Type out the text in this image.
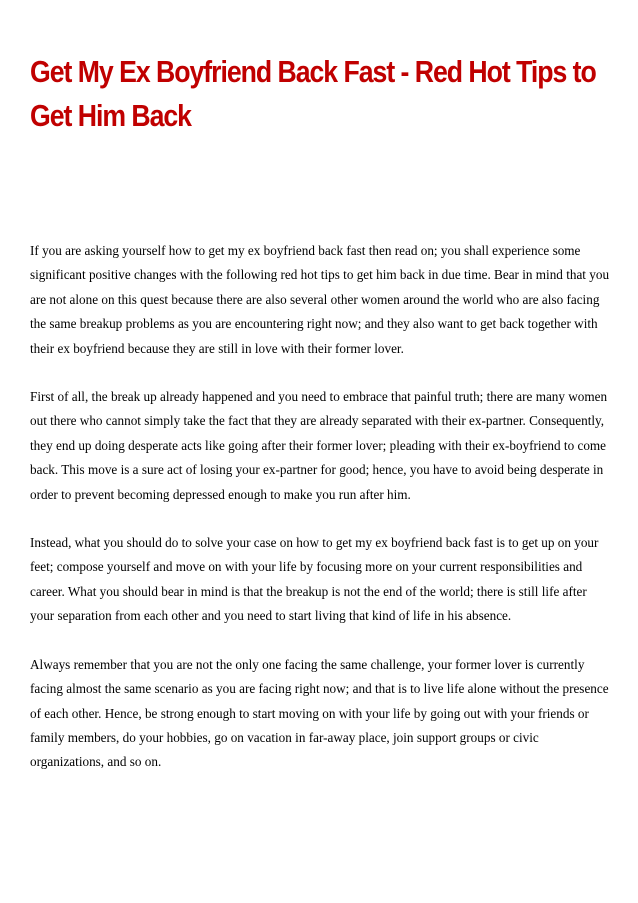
Get My Ex Boyfriend Back Fast - Red Hot Tips to Get Him Back

If you are asking yourself how to get my ex boyfriend back fast then read on; you shall experience some significant positive changes with the following red hot tips to get him back in due time. Bear in mind that you are not alone on this quest because there are also several other women around the world who are also facing the same breakup problems as you are encountering right now; and they also want to get back together with their ex boyfriend because they are still in love with their former lover.

First of all, the break up already happened and you need to embrace that painful truth; there are many women out there who cannot simply take the fact that they are already separated with their ex-partner. Consequently, they end up doing desperate acts like going after their former lover; pleading with their ex-boyfriend to come back. This move is a sure act of losing your ex-partner for good; hence, you have to avoid being desperate in order to prevent becoming depressed enough to make you run after him.

Instead, what you should do to solve your case on how to get my ex boyfriend back fast is to get up on your feet; compose yourself and move on with your life by focusing more on your current responsibilities and career. What you should bear in mind is that the breakup is not the end of the world; there is still life after your separation from each other and you need to start living that kind of life in his absence.

Always remember that you are not the only one facing the same challenge, your former lover is currently facing almost the same scenario as you are facing right now; and that is to live life alone without the presence of each other. Hence, be strong enough to start moving on with your life by going out with your friends or family members, do your hobbies, go on vacation in far-away place, join support groups or civic organizations, and so on.
